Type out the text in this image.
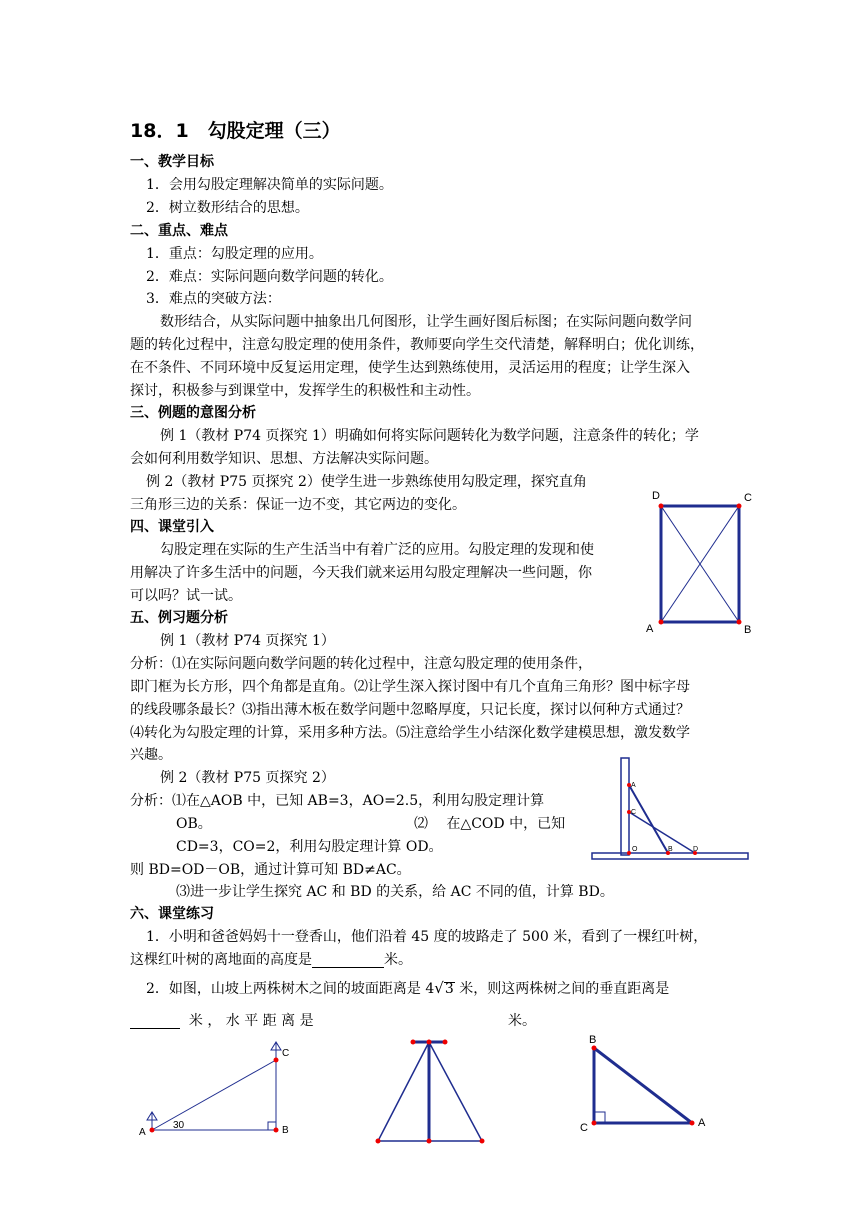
18．1　勾股定理（三）
一、教学目标
1．会用勾股定理解决简单的实际问题。
2．树立数形结合的思想。
二、重点、难点
1．重点：勾股定理的应用。
2．难点：实际问题向数学问题的转化。
3．难点的突破方法：
数形结合，从实际问题中抽象出几何图形，让学生画好图后标图；在实际问题向数学问
题的转化过程中，注意勾股定理的使用条件，教师要向学生交代清楚，解释明白；优化训练，
在不条件、不同环境中反复运用定理，使学生达到熟练使用，灵活运用的程度；让学生深入
探讨，积极参与到课堂中，发挥学生的积极性和主动性。
三、例题的意图分析
例 1（教材 P74 页探究 1）明确如何将实际问题转化为数学问题，注意条件的转化；学
会如何利用数学知识、思想、方法解决实际问题。
例 2（教材 P75 页探究 2）使学生进一步熟练使用勾股定理，探究直角
三角形三边的关系：保证一边不变，其它两边的变化。
四、课堂引入
勾股定理在实际的生产生活当中有着广泛的应用。勾股定理的发现和使
用解决了许多生活中的问题，今天我们就来运用勾股定理解决一些问题，你
可以吗？试一试。
五、例习题分析
例 1（教材 P74 页探究 1）
分析：⑴在实际问题向数学问题的转化过程中，注意勾股定理的使用条件，
即门框为长方形，四个角都是直角。⑵让学生深入探讨图中有几个直角三角形？图中标字母
的线段哪条最长？⑶指出薄木板在数学问题中忽略厚度，只记长度，探讨以何种方式通过？
⑷转化为勾股定理的计算，采用多种方法。⑸注意给学生小结深化数学建模思想，激发数学
兴趣。
例 2（教材 P75 页探究 2）
分析：⑴在△AOB 中，已知 AB=3，AO=2.5，利用勾股定理计算
OB。	⑵　 在△COD 中，已知
CD=3，CO=2，利用勾股定理计算 OD。
则 BD=OD－OB，通过计算可知 BD≠AC。
⑶进一步让学生探究 AC 和 BD 的关系，给 AC 不同的值，计算 BD。
六、课堂练习
1．小明和爸爸妈妈十一登香山，他们沿着 45 度的坡路走了 500 米，看到了一棵红叶树，
这棵红叶树的离地面的高度是	米。
2．如图，山坡上两株树木之间的坡面距离是 4√3 米，则这两株树之间的垂直距离是
米 ， 水 平 距 离 是	米。
D	C
A	B
A
C
O	B	D
C
A	B
30
B
C	A
